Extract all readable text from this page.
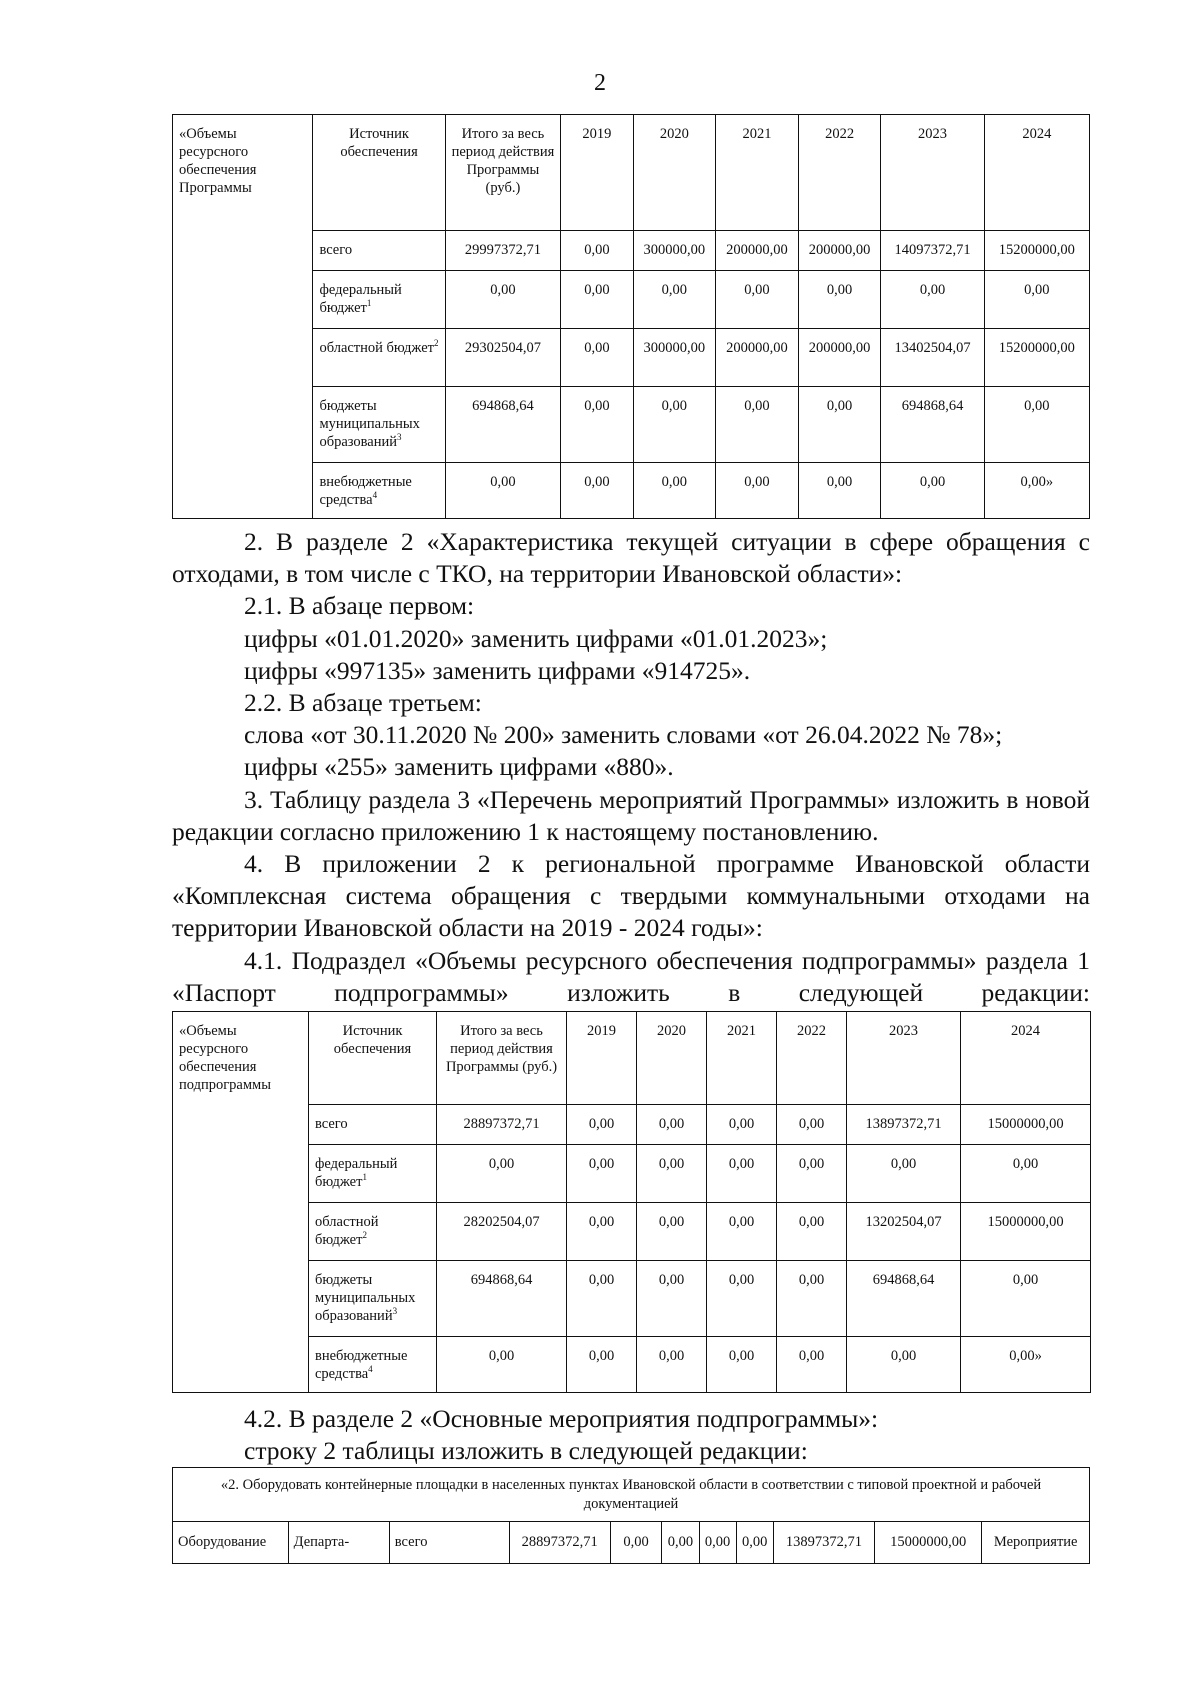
2
«Объемы ресурсного обеспечения Программы	Источник обеспечения	Итого за весь период действия Программы (руб.)	2019	2020	2021	2022	2023	2024
	всего	29997372,71	0,00	300000,00	200000,00	200000,00	14097372,71	15200000,00
	федеральный бюджет$^1$	0,00	0,00	0,00	0,00	0,00	0,00	0,00
	областной бюджет$^2$	29302504,07	0,00	300000,00	200000,00	200000,00	13402504,07	15200000,00
	бюджеты муниципальных образований$^3$	694868,64	0,00	0,00	0,00	0,00	694868,64	0,00
	внебюджетные средства$^4$	0,00	0,00	0,00	0,00	0,00	0,00	0,00»

2. В разделе 2 «Характеристика текущей ситуации в сфере обращения с отходами, в том числе с ТКО, на территории Ивановской области»:

2.1. В абзаце первом:

цифры «01.01.2020» заменить цифрами «01.01.2023»;

цифры «997135» заменить цифрами «914725».

2.2. В абзаце третьем:

слова «от 30.11.2020 № 200» заменить словами «от 26.04.2022 № 78»;

цифры «255» заменить цифрами «880».

3. Таблицу раздела 3 «Перечень мероприятий Программы» изложить в новой редакции согласно приложению 1 к настоящему постановлению.

4. В приложении 2 к региональной программе Ивановской области «Комплексная система обращения с твердыми коммунальными отходами на территории Ивановской области на 2019 - 2024 годы»:

4.1. Подраздел «Объемы ресурсного обеспечения подпрограммы» раздела 1 «Паспорт подпрограммы» изложить в следующей редакции:

«Объемы ресурсного обеспечения подпрограммы	Источник обеспечения	Итого за весь период действия Программы (руб.)	2019	2020	2021	2022	2023	2024
	всего	28897372,71	0,00	0,00	0,00	0,00	13897372,71	15000000,00
	федеральный бюджет$^1$	0,00	0,00	0,00	0,00	0,00	0,00	0,00
	областной бюджет$^2$	28202504,07	0,00	0,00	0,00	0,00	13202504,07	15000000,00
	бюджеты муниципальных образований$^3$	694868,64	0,00	0,00	0,00	0,00	694868,64	0,00
	внебюджетные средства$^4$	0,00	0,00	0,00	0,00	0,00	0,00	0,00»

4.2. В разделе 2 «Основные мероприятия подпрограммы»:

строку 2 таблицы изложить в следующей редакции:

«2. Оборудовать контейнерные площадки в населенных пунктах Ивановской области в соответствии с типовой проектной и рабочей документацией
Оборудование	Департа-	всего	28897372,71	0,00	0,00	0,00	0,00	13897372,71	15000000,00	Мероприятие
